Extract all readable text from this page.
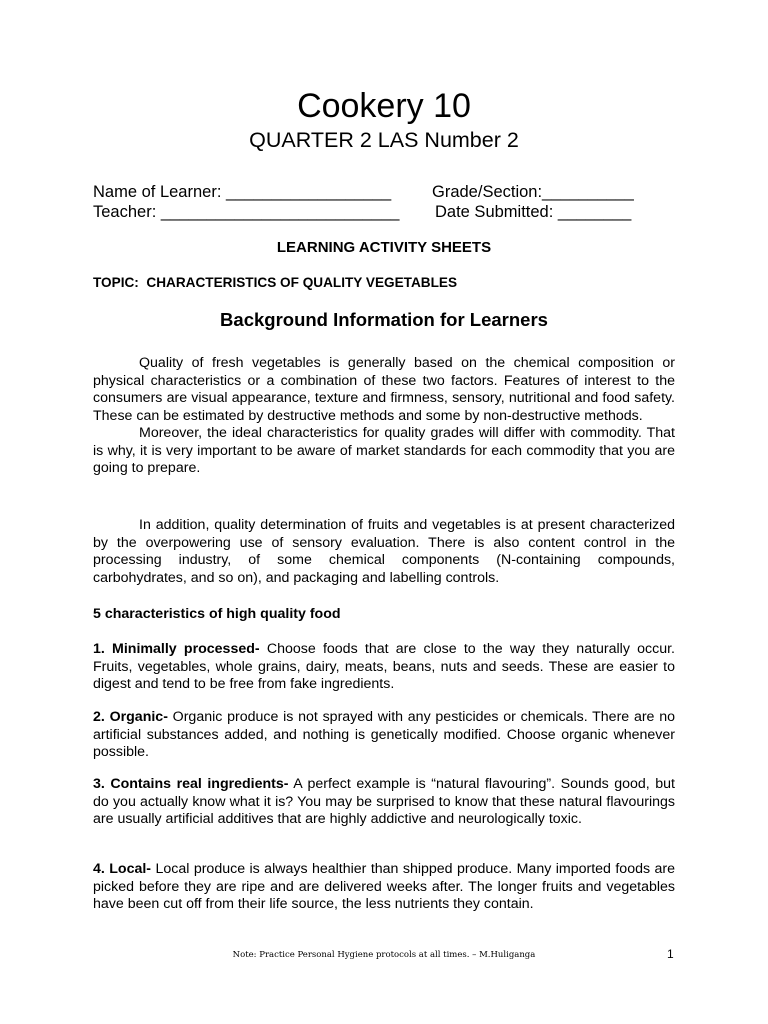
Cookery 10
QUARTER 2 LAS Number 2
Name of Learner: __________________ Grade/Section:__________
Teacher: __________________________ Date Submitted: ________
LEARNING ACTIVITY SHEETS
TOPIC:  CHARACTERISTICS OF QUALITY VEGETABLES
Background Information for Learners

Quality of fresh vegetables is generally based on the chemical composition or physical characteristics or a combination of these two factors. Features of interest to the consumers are visual appearance, texture and firmness, sensory, nutritional and food safety. These can be estimated by destructive methods and some by non-destructive methods.

Moreover, the ideal characteristics for quality grades will differ with commodity. That is why, it is very important to be aware of market standards for each commodity that you are going to prepare.

In addition, quality determination of fruits and vegetables is at present characterized by the overpowering use of sensory evaluation. There is also content control in the processing industry, of some chemical components (N-containing compounds, carbohydrates, and so on), and packaging and labelling controls.

5 characteristics of high quality food

1. Minimally processed- Choose foods that are close to the way they naturally occur. Fruits, vegetables, whole grains, dairy, meats, beans, nuts and seeds. These are easier to digest and tend to be free from fake ingredients.

2. Organic- Organic produce is not sprayed with any pesticides or chemicals. There are no artificial substances added, and nothing is genetically modified. Choose organic whenever possible.

3. Contains real ingredients- A perfect example is “natural flavouring”. Sounds good, but do you actually know what it is? You may be surprised to know that these natural flavourings are usually artificial additives that are highly addictive and neurologically toxic.

4. Local- Local produce is always healthier than shipped produce. Many imported foods are picked before they are ripe and are delivered weeks after. The longer fruits and vegetables have been cut off from their life source, the less nutrients they contain.

Note: Practice Personal Hygiene protocols at all times. – M.Huliganga	1
